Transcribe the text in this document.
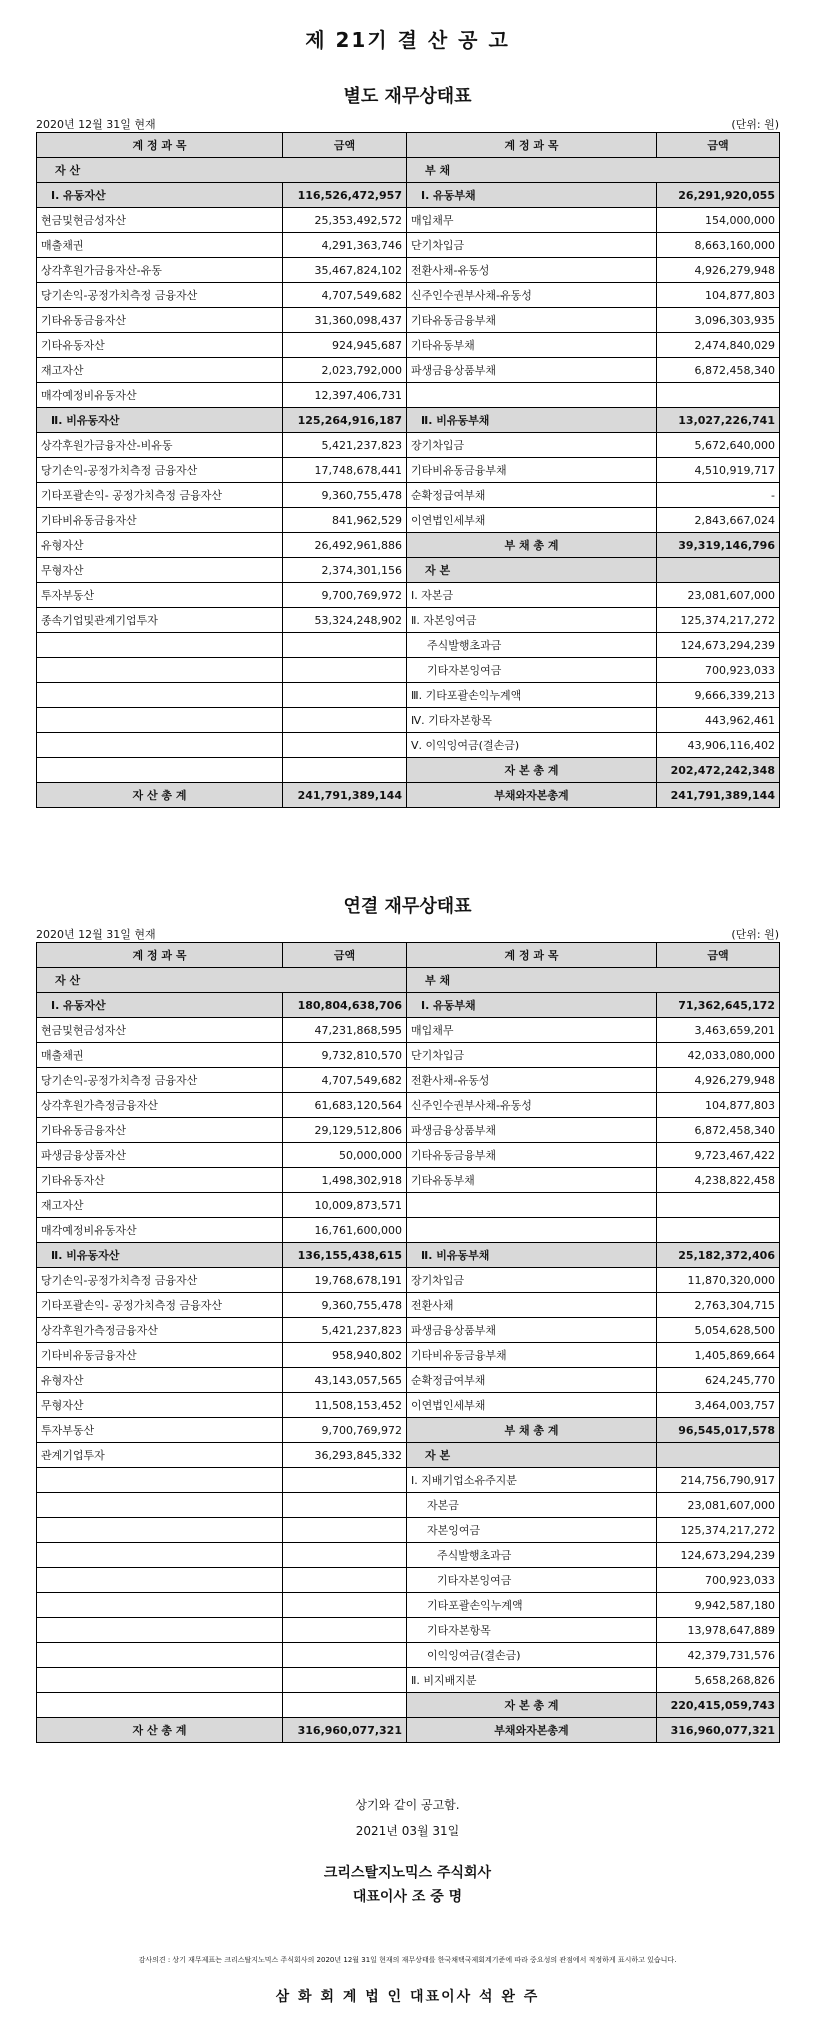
제 21기 결 산 공 고
별도 재무상태표
2020년 12월 31일 현재	(단위: 원)
계 정 과 목	금액	계 정 과 목	금액
자 산		부 채	
Ⅰ. 유동자산	116,526,472,957	Ⅰ. 유동부채	26,291,920,055
현금및현금성자산	25,353,492,572	매입채무	154,000,000
매출채권	4,291,363,746	단기차입금	8,663,160,000
상각후원가금융자산-유동	35,467,824,102	전환사채-유동성	4,926,279,948
당기손익-공정가치측정 금융자산	4,707,549,682	신주인수권부사채-유동성	104,877,803
기타유동금융자산	31,360,098,437	기타유동금융부채	3,096,303,935
기타유동자산	924,945,687	기타유동부채	2,474,840,029
재고자산	2,023,792,000	파생금융상품부채	6,872,458,340
매각예정비유동자산	12,397,406,731		
Ⅱ. 비유동자산	125,264,916,187	Ⅱ. 비유동부채	13,027,226,741
상각후원가금융자산-비유동	5,421,237,823	장기차입금	5,672,640,000
당기손익-공정가치측정 금융자산	17,748,678,441	기타비유동금융부채	4,510,919,717
기타포괄손익- 공정가치측정 금융자산	9,360,755,478	순확정급여부채	-
기타비유동금융자산	841,962,529	이연법인세부채	2,843,667,024
유형자산	26,492,961,886	부 채 총 계	39,319,146,796
무형자산	2,374,301,156	자 본	
투자부동산	9,700,769,972	Ⅰ. 자본금	23,081,607,000
종속기업및관계기업투자	53,324,248,902	Ⅱ. 자본잉여금	125,374,217,272
		주식발행초과금	124,673,294,239
		기타자본잉여금	700,923,033
		Ⅲ. 기타포괄손익누계액	9,666,339,213
		Ⅳ. 기타자본항목	443,962,461
		Ⅴ. 이익잉여금(결손금)	43,906,116,402
		자 본 총 계	202,472,242,348
자 산 총 계	241,791,389,144	부채와자본총계	241,791,389,144
연결 재무상태표
2020년 12월 31일 현재	(단위: 원)
계 정 과 목	금액	계 정 과 목	금액
자 산		부 채	
Ⅰ. 유동자산	180,804,638,706	Ⅰ. 유동부채	71,362,645,172
현금및현금성자산	47,231,868,595	매입채무	3,463,659,201
매출채권	9,732,810,570	단기차입금	42,033,080,000
당기손익-공정가치측정 금융자산	4,707,549,682	전환사채-유동성	4,926,279,948
상각후원가측정금융자산	61,683,120,564	신주인수권부사채-유동성	104,877,803
기타유동금융자산	29,129,512,806	파생금융상품부채	6,872,458,340
파생금융상품자산	50,000,000	기타유동금융부채	9,723,467,422
기타유동자산	1,498,302,918	기타유동부채	4,238,822,458
재고자산	10,009,873,571		
매각예정비유동자산	16,761,600,000		
Ⅱ. 비유동자산	136,155,438,615	Ⅱ. 비유동부채	25,182,372,406
당기손익-공정가치측정 금융자산	19,768,678,191	장기차입금	11,870,320,000
기타포괄손익- 공정가치측정 금융자산	9,360,755,478	전환사채	2,763,304,715
상각후원가측정금융자산	5,421,237,823	파생금융상품부채	5,054,628,500
기타비유동금융자산	958,940,802	기타비유동금융부채	1,405,869,664
유형자산	43,143,057,565	순확정급여부채	624,245,770
무형자산	11,508,153,452	이연법인세부채	3,464,003,757
투자부동산	9,700,769,972	부 채 총 계	96,545,017,578
관계기업투자	36,293,845,332	자 본	
		Ⅰ. 지배기업소유주지분	214,756,790,917
		자본금	23,081,607,000
		자본잉여금	125,374,217,272
		주식발행초과금	124,673,294,239
		기타자본잉여금	700,923,033
		기타포괄손익누계액	9,942,587,180
		기타자본항목	13,978,647,889
		이익잉여금(결손금)	42,379,731,576
		Ⅱ. 비지배지분	5,658,268,826
		자 본 총 계	220,415,059,743
자 산 총 계	316,960,077,321	부채와자본총계	316,960,077,321
상기와 같이 공고함.
2021년 03월 31일
크리스탈지노믹스 주식회사
대표이사 조 중 명
감사의견 : 상기 재무제표는 크리스탈지노믹스 주식회사의 2020년 12월 31일 현재의 재무상태를 한국채택국제회계기준에 따라 중요성의 관점에서 적정하게 표시하고 있습니다.
삼 화 회 계 법 인 대표이사 석 완 주
